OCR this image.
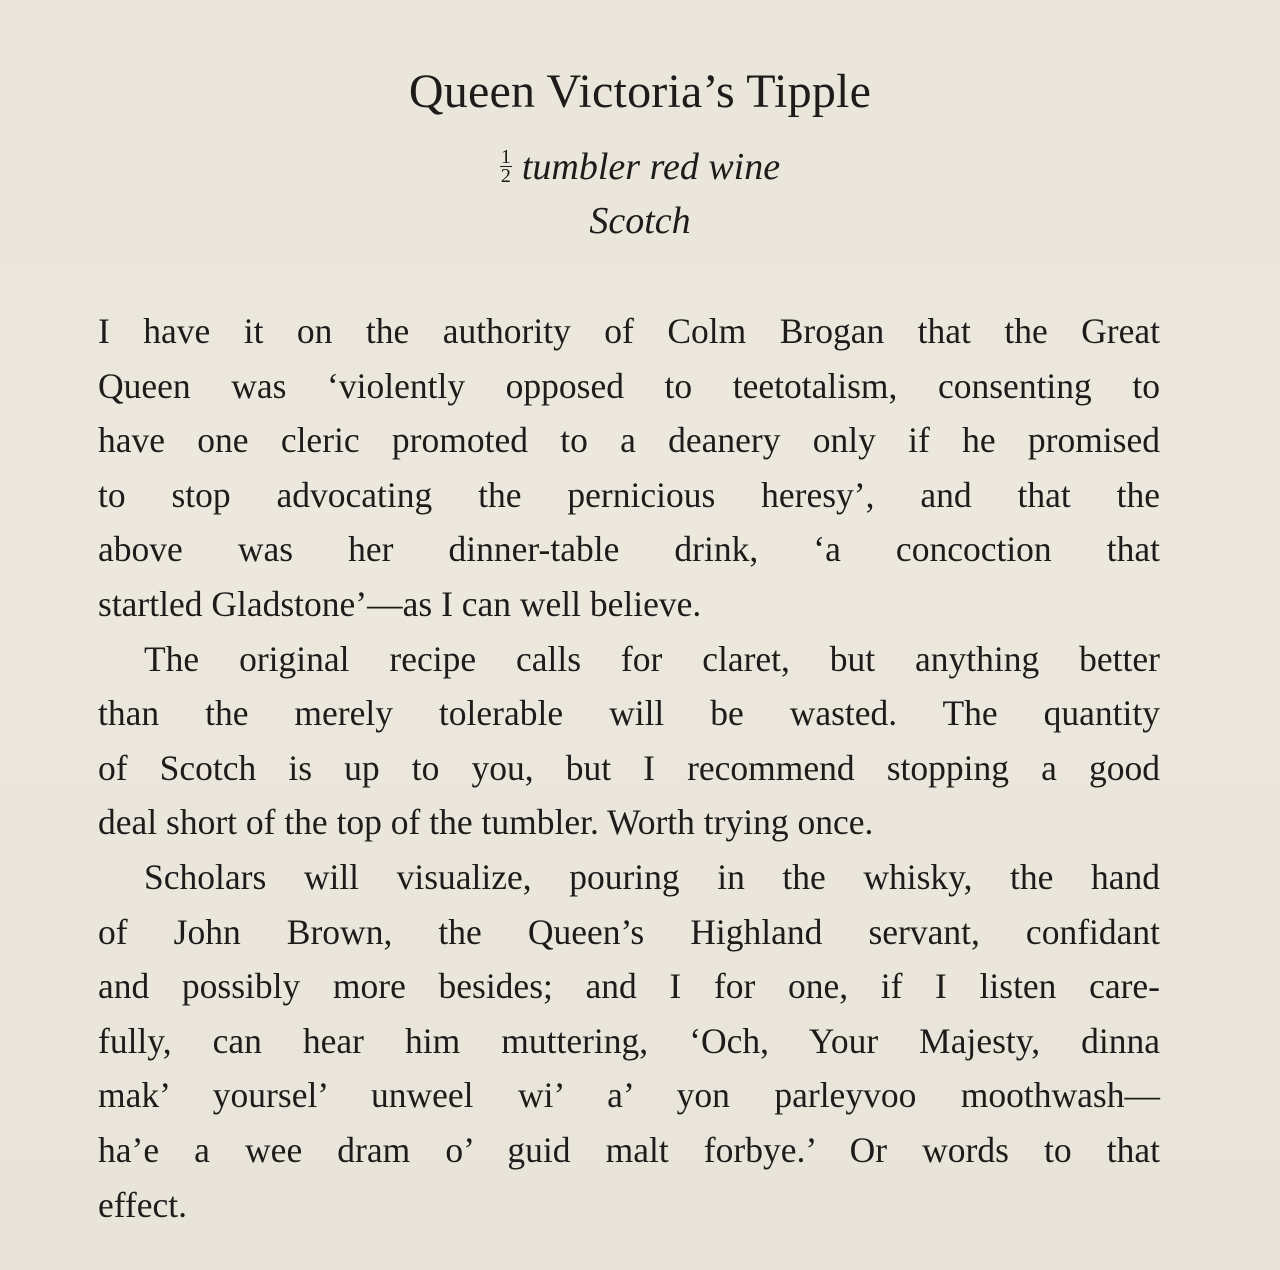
Queen Victoria’s Tipple
$\frac{1}{2}$ tumbler red wine
Scotch
I have it on the authority of Colm Brogan that the Great
Queen was ‘violently opposed to teetotalism, consenting to
have one cleric promoted to a deanery only if he promised
to stop advocating the pernicious heresy’, and that the
above was her dinner-table drink, ‘a concoction that
startled Gladstone’—as I can well believe.
The original recipe calls for claret, but anything better
than the merely tolerable will be wasted. The quantity
of Scotch is up to you, but I recommend stopping a good
deal short of the top of the tumbler. Worth trying once.
Scholars will visualize, pouring in the whisky, the hand
of John Brown, the Queen’s Highland servant, confidant
and possibly more besides; and I for one, if I listen care-
fully, can hear him muttering, ‘Och, Your Majesty, dinna
mak’ yoursel’ unweel wi’ a’ yon parleyvoo moothwash—
ha’e a wee dram o’ guid malt forbye.’ Or words to that
effect.
